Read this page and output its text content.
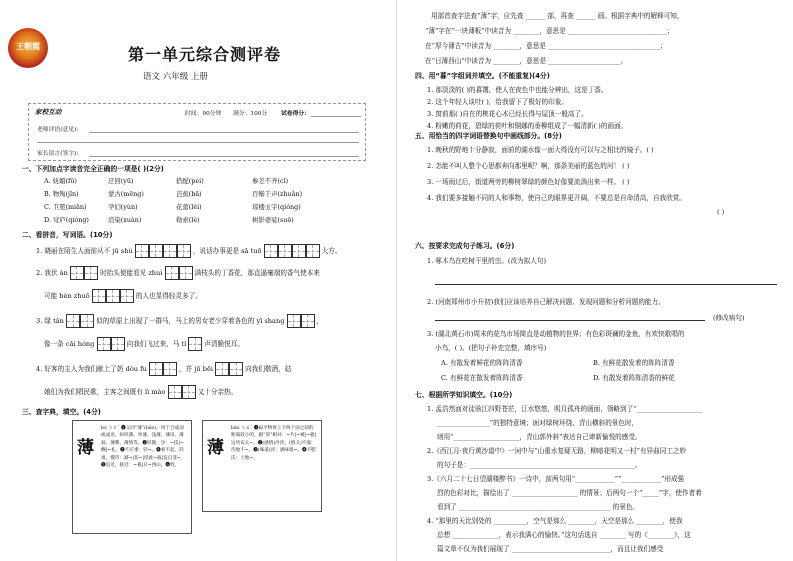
王朝霞	第一单元综合测评卷
语文 六年级 上册
家校互动	时间：90分钟 满分：100分 试卷得分：
老师评语(意见)：
家长留言(签字)：
一、下列加点字读音完全正确的一项是( )(2分)
A. 妩媚(fǔ)	迂回(yū)	搭配(pèi)	参差不齐(cī)
B. 物殉(jǐn)	蒙古(mēng)	芭蕉(bā)	百啭千声(zhuǎn)
C. 卫冕(miǎn)	孕妇(yùn)	花蕾(lěi)	琼楼玉宇(qióng)
D. 穹庐(qióng)	渲染(xuàn)	勒索(lè)	树影婆娑(suō)
二、看拼音，写词语。(10分)
1. 晓丽在陌生人面前从不 jū shù	，说话办事更是 sā tuō	大方。
2. 我伏 àn	时抬头便能看见 zhuì	满枝头的丁香花，那直逼毫端的香气使本来
可能 bèn zhuō	的人也显得轻灵多了。
3. 绿 tǎn	似的草原上出现了一群马，马上的男女老少穿着各色的 yī shang	，
像一条 cǎi hóng	向我们飞过来，马 tí	声清脆悦耳。
4. 好客的主人为我们献上了奶 dòu fu	，并 jū bēi	向我们敬酒，姑
娘们为我们唱民歌，主客之间既有 lì mào	又十分亲热。
三、查字典，填空。(4分)
薄
bó ㄅㄛˊ ❶义同“薄”(báo)。用于合成词或成语，如厚薄、单薄、浅薄、薄田、薄弱、薄雾、薄情等。❷轻微，少：~技|~酬|~礼。❸不庄重：轻~。❹看不起，轻视，慢待：鄙~|菲~|厚此~彼|妄自菲~。❺迫近，接近：~暮|日~西山。❻姓。
薄
báo ㄅㄠˊ ❶扁平物体上下两个面之间的距离较小的，跟“厚”相对：~片|~被|~板|这块布太~。❷(感情)冷淡，(情义)不深：待他不~。❸(味道)淡：酒味很~。❹不肥沃：土地~。
用部首查字法查“薄”字，应先查 ______ 部，再查 ______ 画。根据字典中的解释可知，
“薄”字在“一块薄板”中读音为 ________，意思是 ______________________________；
在“厚今薄古”中读音为 ________，意思是 __________________________________；
在“日薄西山”中读音为 ________，意思是 ______________________。
四、用“暮”字组词并填空。(不能重复)(4分)
1. 那淡淡的( )的暮霭，使人在夜色中也能分辨出，这是丁香。
2. 这个年轻人谈吐( )，给我留下了极好的印象。
3. 窗前那( )自在的桃花心木已经长得与屋顶一般高了。
4. 粉嫩的荷花，碧绿的荷叶和铜娜的垂柳组成了一幅清新( )的画面。
五、用恰当的四字词语替换句中画线部分。(8分)
1. 晚秋的野地十分静寂，面前的湖水像一面大得没有可以与之相比的镜子。( )
2. 怎能不叫人整个心思都奔向那里呢？啊，那条美丽的蓝色的河！ ( )
3. 一场雨过后，街道两旁的柳树翠绿的颜色好像要流淌出来一样。 ( )
4. 我们要多接触不同的人和事物，使自己的眼界更开阔，不要总是自命清高，自我欣赏。
( )
六、按要求完成句子练习。(6分)
1. 啄木鸟在吃树干里的虫。(改为拟人句)
2. (河南郑州市小升初)我们应该培养自己解决问题、发现问题和分析问题的能力。
(修改病句)
3. (湖北黄石市)周末的花鸟市场简直是动植物的世界；有色彩斑斓的金鱼，有欢快歌唱的
小鸟，( )。(把句子补充完整，填序号)
A. 有散发着鲜花的阵阵清香	B. 有鲜花散发着的阵阵清香
C. 有鲜花在散发着阵阵清香	D. 有散发着阵阵清香的鲜花
七、根据所学知识填空。(10分)
1. 孟浩然面对徒骇江四野苍茫，江水悠悠，明月孤舟的画面，领略到了“____________________
________________”的独特意境；面对绿树环绕、青山横斜的景色时，
则用“____________________，青山郭外斜”表达自己谛新愉悦的感受。
2.《西江月·夜行黄沙道中》一词中与“山重水复疑无路，柳暗花明又一村”有异曲同工之妙
的句子是：__________________________________________________。
3.《六月二十七日望湖楼醉书》一诗中，前两句用“____________”“____________”形成强
烈的色彩对比，描绘出了 ____________________ 的情景；后两句一个“_____”字，使作者着
看到了 ______________________________________________ 的景色。
4. “那里的天比别处的 __________，空气是那么 ________，天空是那么 ________，使我
总想 ______________，表示我满心的愉快。”这句话选自 ________ 写的《________》，这
篇文章不仅为我们展现了 ______________________________，而且让我们感受
